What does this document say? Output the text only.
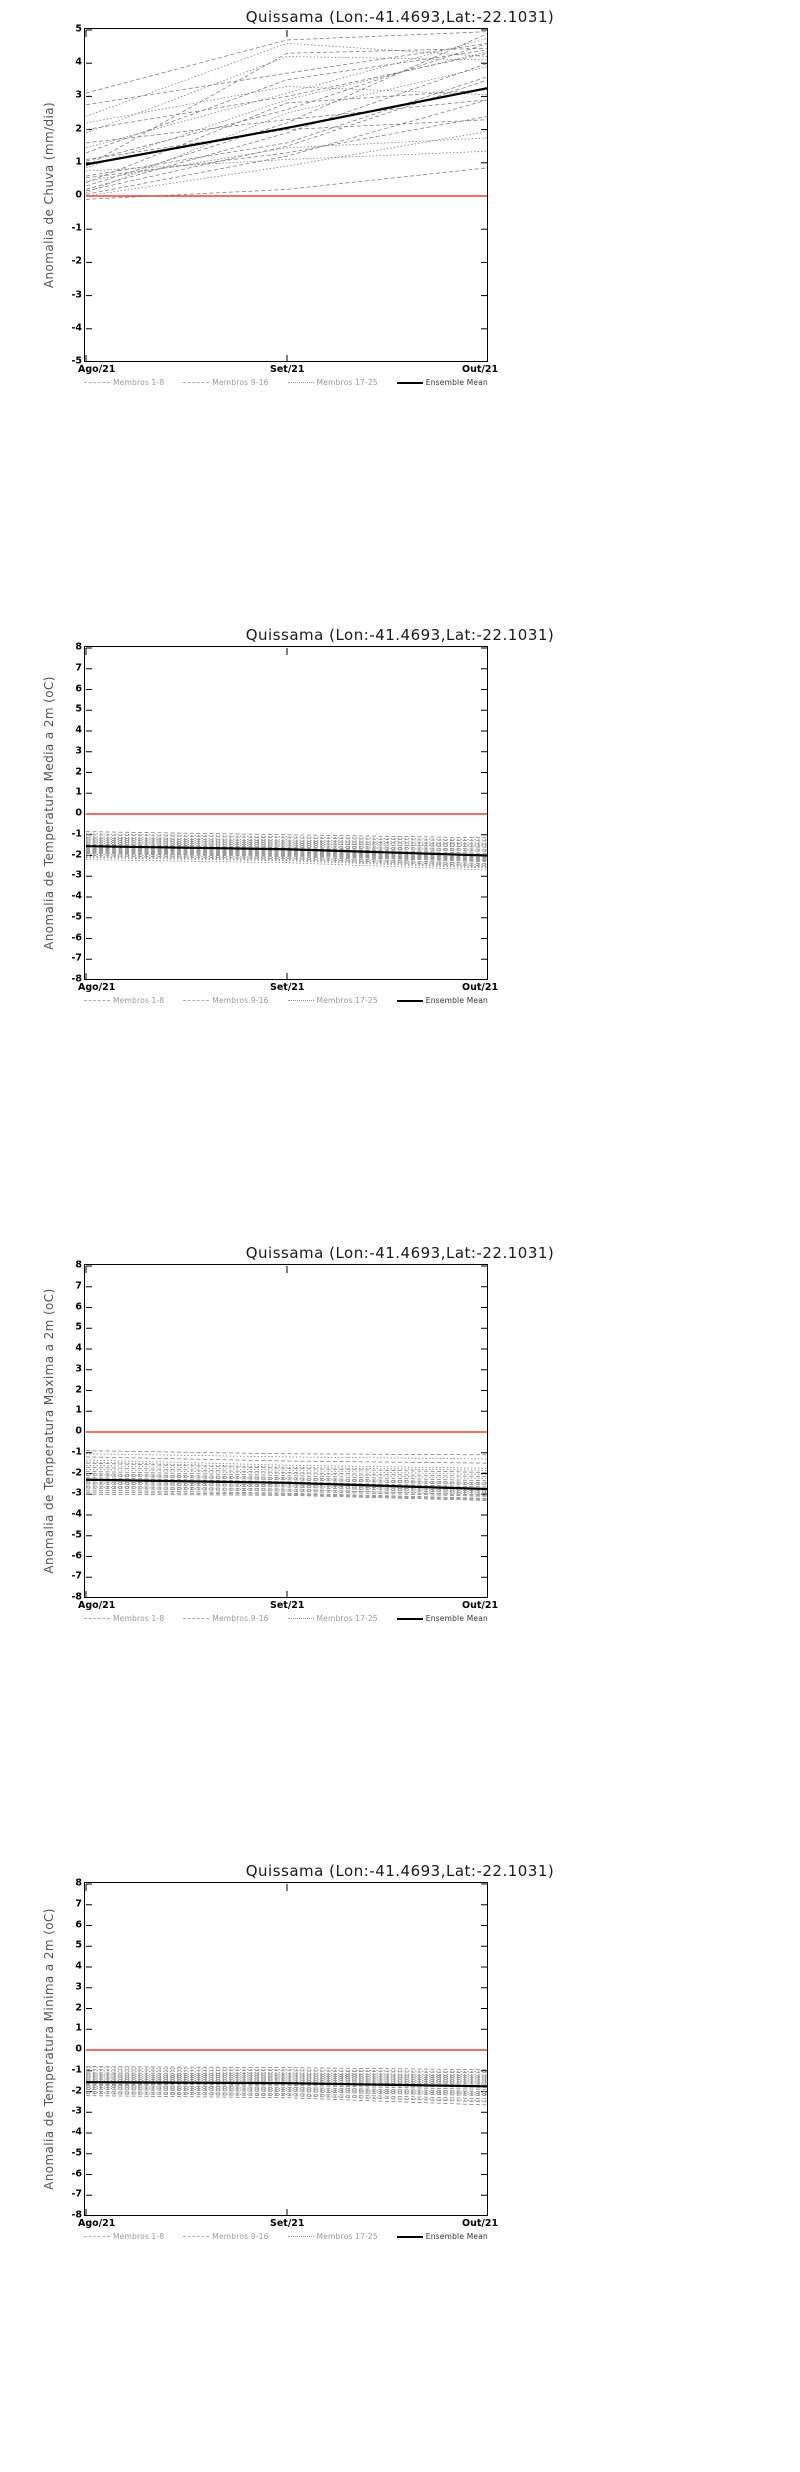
Quissama (Lon:-41.4693,Lat:-22.1031)
Anomalia de Chuva (mm/dia)
-5
-4
-3
-2
-1
0
1
2
3
4
5
Membros 1-8	Membros 9-16	Membros 17-25	Ensemble Mean
Ago/21	Set/21	Out/21
Quissama (Lon:-41.4693,Lat:-22.1031)
Anomalia de Temperatura Media a 2m (oC)
-8
-7
-6
-5
-4
-3
-2
-1
0
1
2
3
4
5
6
7
8
Membros 1-8	Membros 9-16	Membros 17-25	Ensemble Mean
Ago/21	Set/21	Out/21
Quissama (Lon:-41.4693,Lat:-22.1031)
Anomalia de Temperatura Maxima a 2m (oC)
-8
-7
-6
-5
-4
-3
-2
-1
0
1
2
3
4
5
6
7
8
Membros 1-8	Membros 9-16	Membros 17-25	Ensemble Mean
Ago/21	Set/21	Out/21
Quissama (Lon:-41.4693,Lat:-22.1031)
Anomalia de Temperatura Minima a 2m (oC)
-8
-7
-6
-5
-4
-3
-2
-1
0
1
2
3
4
5
6
7
8
Membros 1-8	Membros 9-16	Membros 17-25	Ensemble Mean
Ago/21	Set/21	Out/21
